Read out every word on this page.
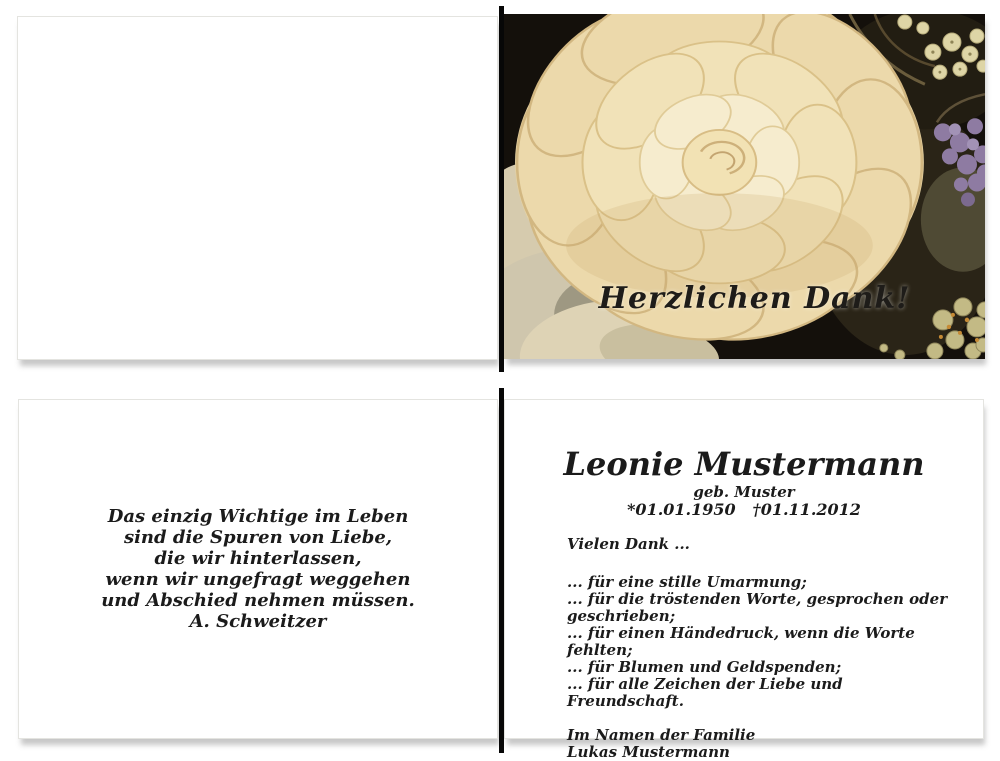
Herzlichen Dank!
Das einzig Wichtige im Leben
sind die Spuren von Liebe,
die wir hinterlassen,
wenn wir ungefragt weggehen
und Abschied nehmen müssen.
A. Schweitzer
Leonie Mustermann
geb. Muster
*01.01.1950   †01.11.2012
Vielen Dank ...
... für eine stille Umarmung;
... für die tröstenden Worte, gesprochen oder geschrieben;
... für einen Händedruck, wenn die Worte fehlten;
... für Blumen und Geldspenden;
... für alle Zeichen der Liebe und Freundschaft.
Im Namen der Familie
Lukas Mustermann
